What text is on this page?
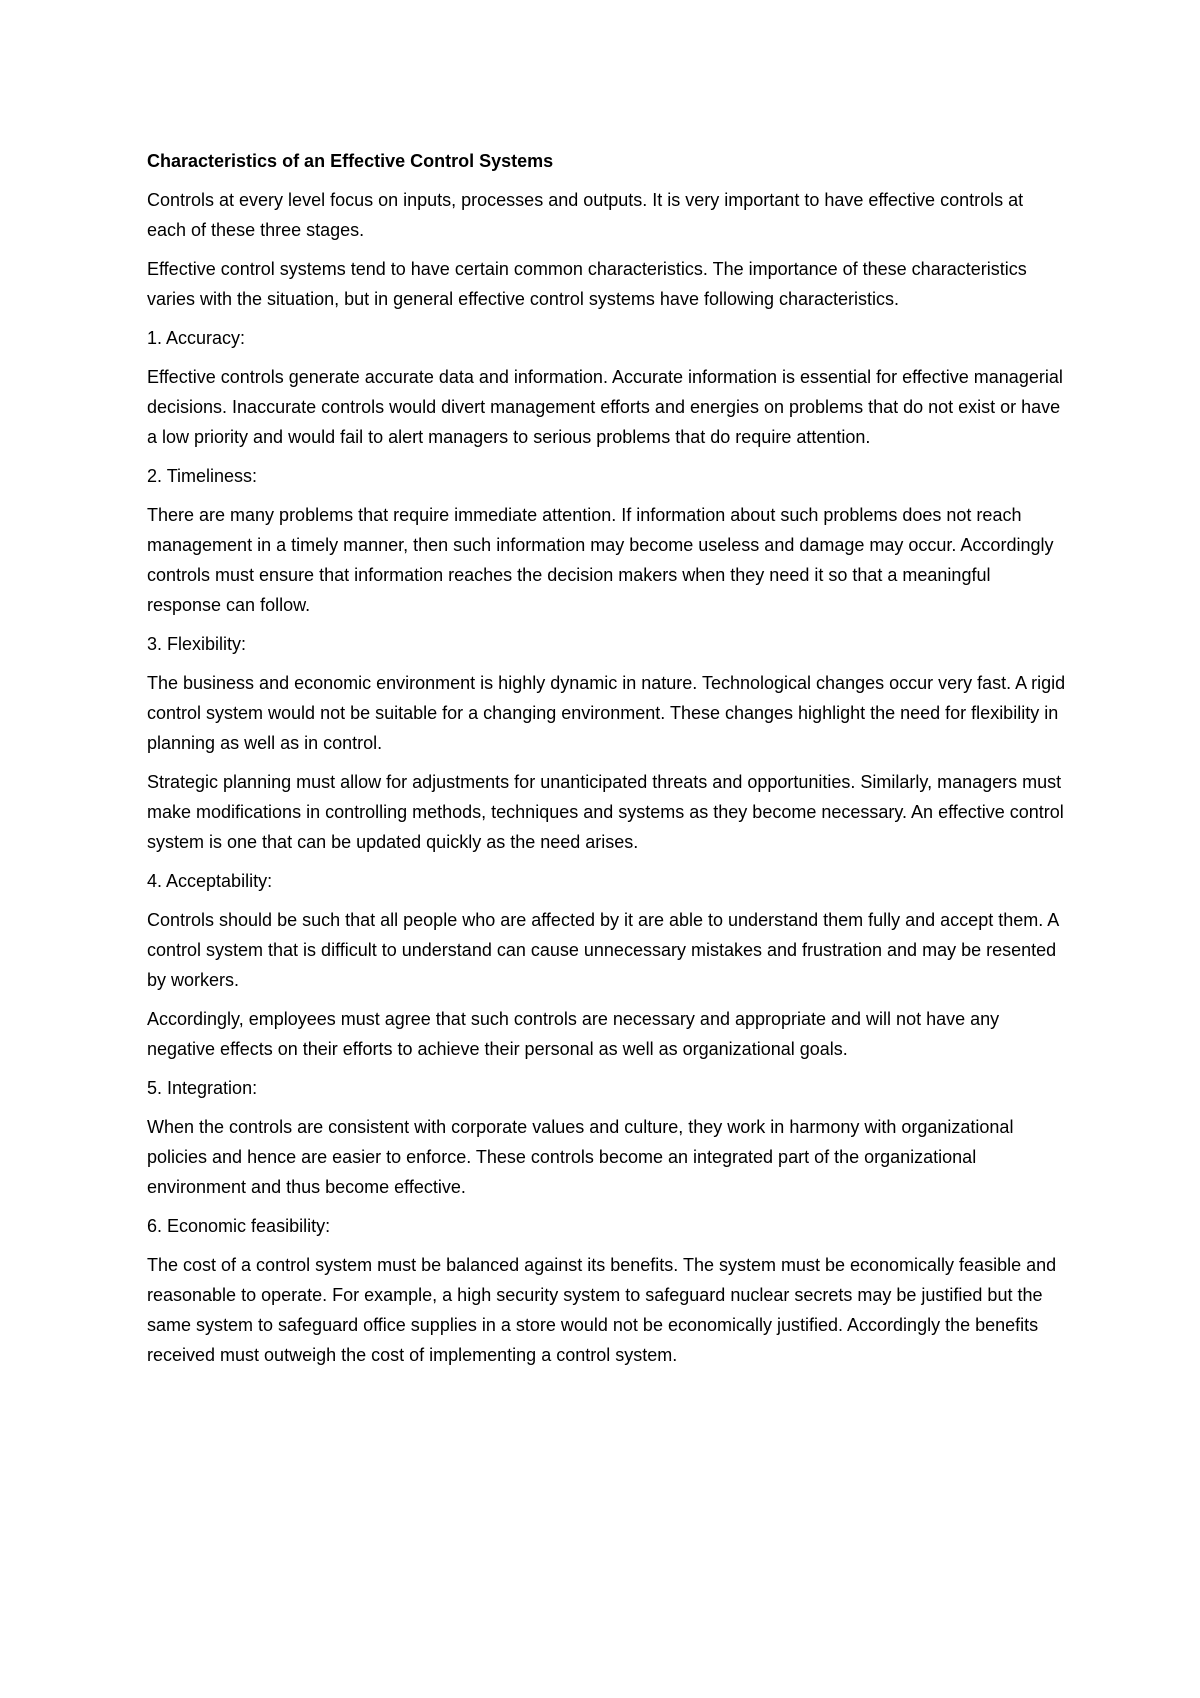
Characteristics of an Effective Control Systems

Controls at every level focus on inputs, processes and outputs. It is very important to have effective controls at each of these three stages.

Effective control systems tend to have certain common characteristics. The importance of these characteristics varies with the situation, but in general effective control systems have following characteristics.

1. Accuracy:

Effective controls generate accurate data and information. Accurate information is essential for effective managerial decisions. Inaccurate controls would divert management efforts and energies on problems that do not exist or have a low priority and would fail to alert managers to serious problems that do require attention.

2. Timeliness:

There are many problems that require immediate attention. If information about such problems does not reach management in a timely manner, then such information may become useless and damage may occur. Accordingly controls must ensure that information reaches the decision makers when they need it so that a meaningful response can follow.

3. Flexibility:

The business and economic environment is highly dynamic in nature. Technological changes occur very fast. A rigid control system would not be suitable for a changing environment. These changes highlight the need for flexibility in planning as well as in control.

Strategic planning must allow for adjustments for unanticipated threats and opportunities. Similarly, managers must make modifications in controlling methods, techniques and systems as they become necessary. An effective control system is one that can be updated quickly as the need arises.

4. Acceptability:

Controls should be such that all people who are affected by it are able to understand them fully and accept them. A control system that is difficult to understand can cause unnecessary mistakes and frustration and may be resented by workers.

Accordingly, employees must agree that such controls are necessary and appropriate and will not have any negative effects on their efforts to achieve their personal as well as organizational goals.

5. Integration:

When the controls are consistent with corporate values and culture, they work in harmony with organizational policies and hence are easier to enforce. These controls become an integrated part of the organizational environment and thus become effective.

6. Economic feasibility:

The cost of a control system must be balanced against its benefits. The system must be economically feasible and reasonable to operate. For example, a high security system to safeguard nuclear secrets may be justified but the same system to safeguard office supplies in a store would not be economically justified. Accordingly the benefits received must outweigh the cost of implementing a control system.
